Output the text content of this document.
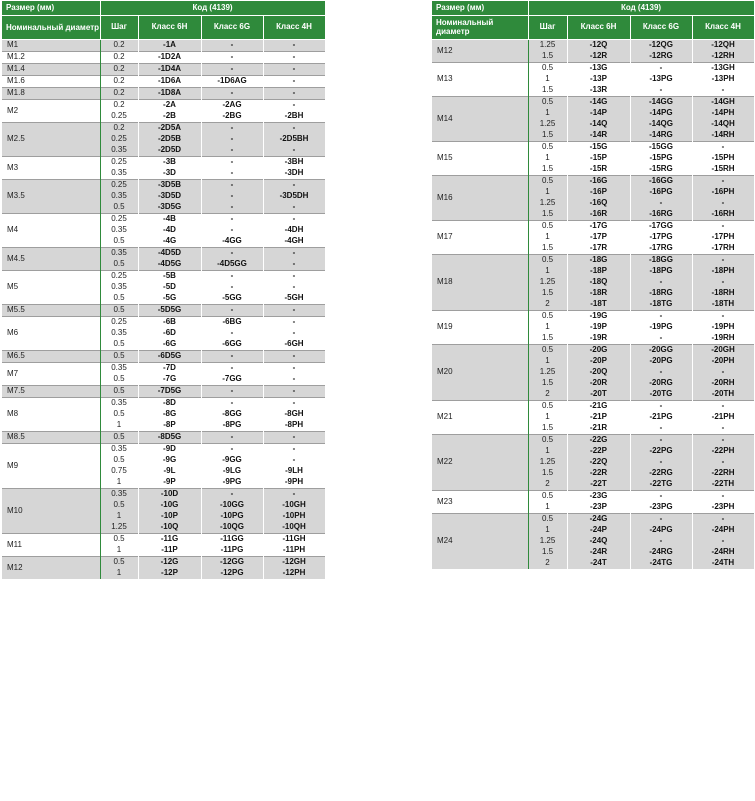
Размер (мм)	Код (4139)			
Номинальный диаметр	Шаг	Класс 6H	Класс 6G	Класс 4H
M1	0.2	-1A	-	-
M1.2	0.2	-1D2A	-	-
M1.4	0.2	-1D4A	-	-
M1.6	0.2	-1D6A	-1D6AG	-
M1.8	0.2	-1D8A	-	-
M2	0.2	-2A	-2AG	-
	0.25	-2B	-2BG	-2BH
M2.5	0.2	-2D5A	-	-
	0.25	-2D5B	-	-2D5BH
	0.35	-2D5D	-	-
M3	0.25	-3B	-	-3BH
	0.35	-3D	-	-3DH
M3.5	0.25	-3D5B	-	-
	0.35	-3D5D	-	-3D5DH
	0.5	-3D5G	-	-
M4	0.25	-4B	-	-
	0.35	-4D	-	-4DH
	0.5	-4G	-4GG	-4GH
M4.5	0.35	-4D5D	-	-
	0.5	-4D5G	-4D5GG	-
M5	0.25	-5B	-	-
	0.35	-5D	-	-
	0.5	-5G	-5GG	-5GH
M5.5	0.5	-5D5G	-	-
M6	0.25	-6B	-6BG	-
	0.35	-6D	-	-
	0.5	-6G	-6GG	-6GH
M6.5	0.5	-6D5G	-	-
M7	0.35	-7D	-	-
	0.5	-7G	-7GG	-
M7.5	0.5	-7D5G	-	-
M8	0.35	-8D	-	-
	0.5	-8G	-8GG	-8GH
	1	-8P	-8PG	-8PH
M8.5	0.5	-8D5G	-	-
M9	0.35	-9D	-	-
	0.5	-9G	-9GG	-
	0.75	-9L	-9LG	-9LH
	1	-9P	-9PG	-9PH
M10	0.35	-10D	-	-
	0.5	-10G	-10GG	-10GH
	1	-10P	-10PG	-10PH
	1.25	-10Q	-10QG	-10QH
M11	0.5	-11G	-11GG	-11GH
	1	-11P	-11PG	-11PH
M12	0.5	-12G	-12GG	-12GH
	1	-12P	-12PG	-12PH
Размер (мм)	Код (4139)			
Номинальный диаметр	Шаг	Класс 6H	Класс 6G	Класс 4H
M12	1.25	-12Q	-12QG	-12QH
	1.5	-12R	-12RG	-12RH
M13	0.5	-13G	-	-13GH
	1	-13P	-13PG	-13PH
	1.5	-13R	-	-
M14	0.5	-14G	-14GG	-14GH
	1	-14P	-14PG	-14PH
	1.25	-14Q	-14QG	-14QH
	1.5	-14R	-14RG	-14RH
M15	0.5	-15G	-15GG	-
	1	-15P	-15PG	-15PH
	1.5	-15R	-15RG	-15RH
M16	0.5	-16G	-16GG	-
	1	-16P	-16PG	-16PH
	1.25	-16Q	-	-
	1.5	-16R	-16RG	-16RH
M17	0.5	-17G	-17GG	-
	1	-17P	-17PG	-17PH
	1.5	-17R	-17RG	-17RH
M18	0.5	-18G	-18GG	-
	1	-18P	-18PG	-18PH
	1.25	-18Q	-	-
	1.5	-18R	-18RG	-18RH
	2	-18T	-18TG	-18TH
M19	0.5	-19G	-	-
	1	-19P	-19PG	-19PH
	1.5	-19R	-	-19RH
M20	0.5	-20G	-20GG	-20GH
	1	-20P	-20PG	-20PH
	1.25	-20Q	-	-
	1.5	-20R	-20RG	-20RH
	2	-20T	-20TG	-20TH
M21	0.5	-21G	-	-
	1	-21P	-21PG	-21PH
	1.5	-21R	-	-
M22	0.5	-22G	-	-
	1	-22P	-22PG	-22PH
	1.25	-22Q	-	-
	1.5	-22R	-22RG	-22RH
	2	-22T	-22TG	-22TH
M23	0.5	-23G	-	-
	1	-23P	-23PG	-23PH
M24	0.5	-24G	-	-
	1	-24P	-24PG	-24PH
	1.25	-24Q	-	-
	1.5	-24R	-24RG	-24RH
	2	-24T	-24TG	-24TH
